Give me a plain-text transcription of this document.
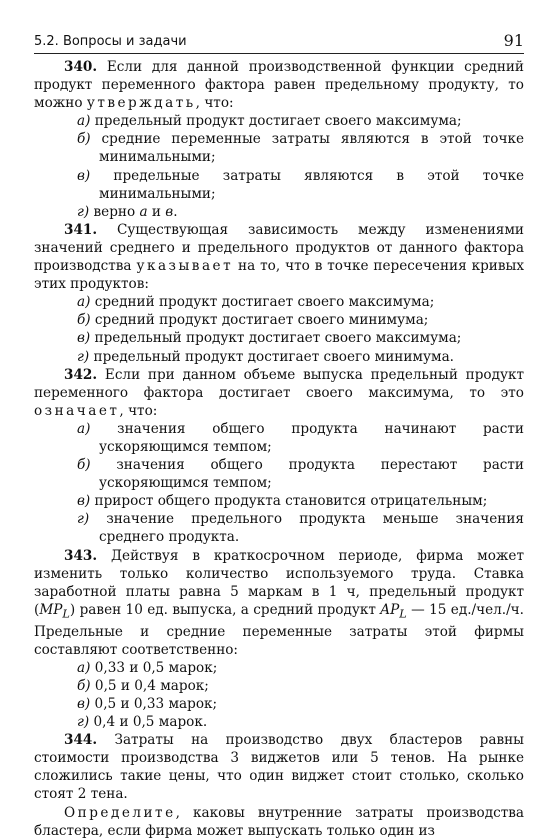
5.2. Вопросы и задачи	91

340. Если для данной производственной функции средний продукт переменного фактора равен предельному продукту, то можно утверждать, что:

а) предельный продукт достигает своего максимума;
б) средние переменные затраты являются в этой точке минимальными;
в) предельные затраты являются в этой точке минимальными;
г) верно а и в.

341. Существующая зависимость между изменениями значений среднего и предельного продуктов от данного фактора производства указывает на то, что в точке пересечения кривых этих продуктов:

а) средний продукт достигает своего максимума;
б) средний продукт достигает своего минимума;
в) предельный продукт достигает своего максимума;
г) предельный продукт достигает своего минимума.

342. Если при данном объеме выпуска предельный продукт переменного фактора достигает своего максимума, то это означает, что:

а) значения общего продукта начинают расти ускоряющимся темпом;
б) значения общего продукта перестают расти ускоряющимся темпом;
в) прирост общего продукта становится отрицательным;
г) значение предельного продукта меньше значения среднего продукта.

343. Действуя в краткосрочном периоде, фирма может изменить только количество используемого труда. Ставка заработной платы равна 5 маркам в 1 ч, предельный продукт $(MP_L)$ равен 10 ед. выпуска, а средний продукт $AP_L$ — 15 ед./чел./ч. Предельные и средние переменные затраты этой фирмы составляют соответственно:

а) 0,33 и 0,5 марок;
б) 0,5 и 0,4 марок;
в) 0,5 и 0,33 марок;
г) 0,4 и 0,5 марок.

344. Затраты на производство двух бластеров равны стоимости производства 3 виджетов или 5 тенов. На рынке сложились такие цены, что один виджет стоит столько, сколько стоят 2 тена.

Определите, каковы внутренние затраты производства бластера, если фирма может выпускать только один из
